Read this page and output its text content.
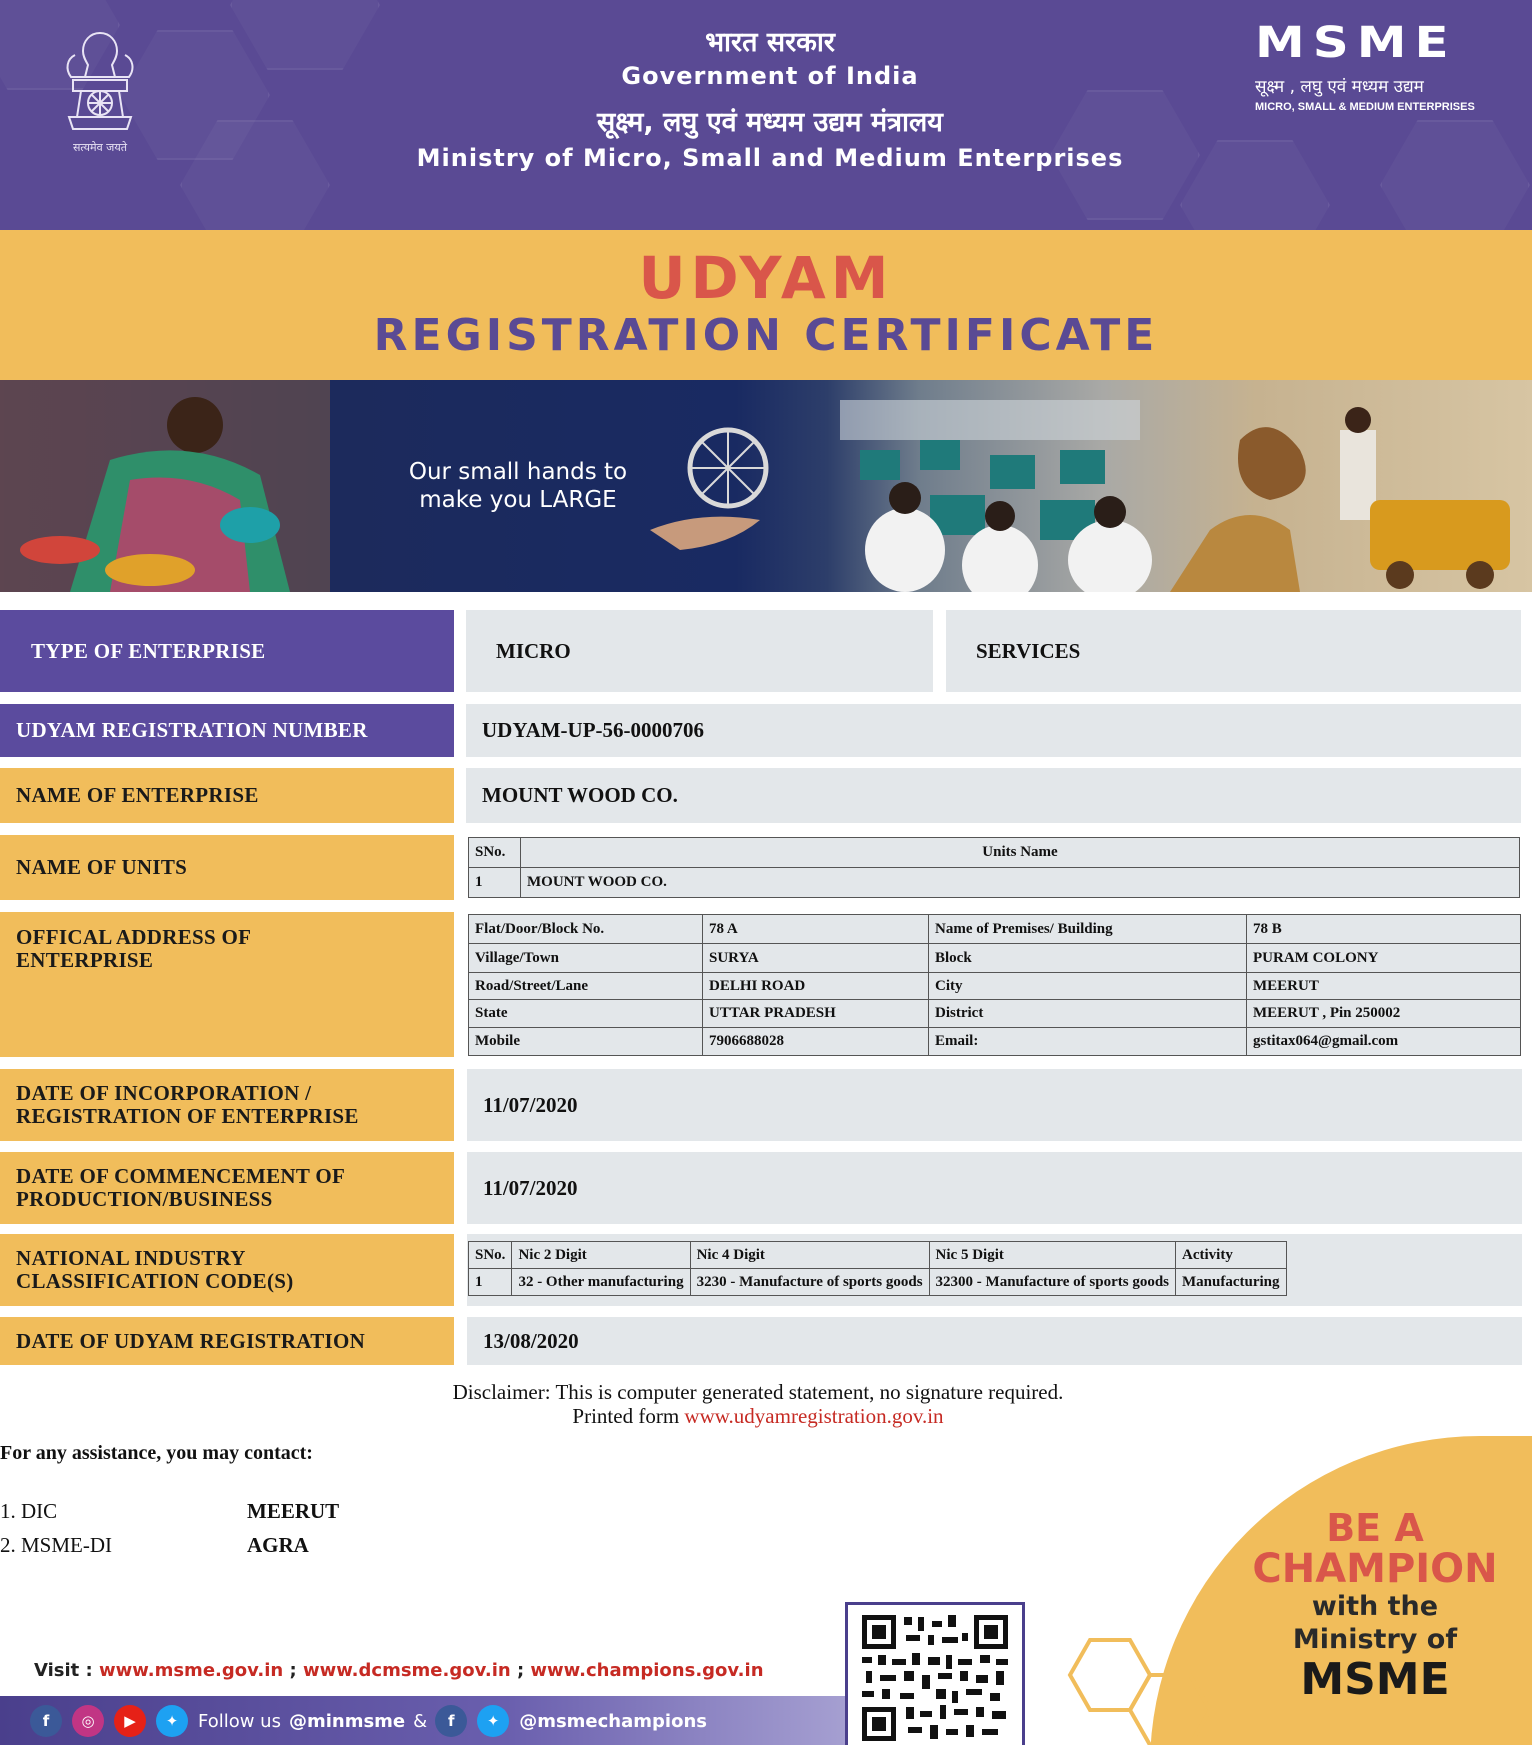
सत्यमेव जयते
भारत सरकार
Government of India
सूक्ष्म, लघु एवं मध्यम उद्यम मंत्रालय
Ministry of Micro, Small and Medium Enterprises
MSME
सूक्ष्म , लघु एवं मध्यम उद्यम
MICRO, SMALL & MEDIUM ENTERPRISES
UDYAM
REGISTRATION CERTIFICATE
Our small hands to
make you LARGE
TYPE OF ENTERPRISE	MICRO	SERVICES
UDYAM REGISTRATION NUMBER	UDYAM-UP-56-0000706
NAME OF ENTERPRISE	MOUNT WOOD CO.
NAME OF UNITS
SNo.	Units Name
1	MOUNT WOOD CO.
OFFICAL ADDRESS OF
ENTERPRISE
Flat/Door/Block No.	78 A	Name of Premises/ Building	78 B
Village/Town	SURYA	Block	PURAM COLONY
Road/Street/Lane	DELHI ROAD	City	MEERUT
State	UTTAR PRADESH	District	MEERUT , Pin 250002
Mobile	7906688028	Email:	gstitax064@gmail.com
DATE OF INCORPORATION /
REGISTRATION OF ENTERPRISE	11/07/2020
DATE OF COMMENCEMENT OF
PRODUCTION/BUSINESS	11/07/2020
NATIONAL INDUSTRY
CLASSIFICATION CODE(S)
SNo.	Nic 2 Digit	Nic 4 Digit	Nic 5 Digit	Activity
1	32 - Other manufacturing	3230 - Manufacture of sports goods	32300 - Manufacture of sports goods	Manufacturing
DATE OF UDYAM REGISTRATION	13/08/2020
Disclaimer: This is computer generated statement, no signature required.
Printed form www.udyamregistration.gov.in
For any assistance, you may contact:
1. DIC	MEERUT
2. MSME-DI	AGRA	BE A
CHAMPION
with the
Ministry of
MSME
Visit : www.msme.gov.in ; www.dcmsme.gov.in ; www.champions.gov.in
f	◎	▶	✦	Follow us @minmsme &	f	✦	@msmechampions
